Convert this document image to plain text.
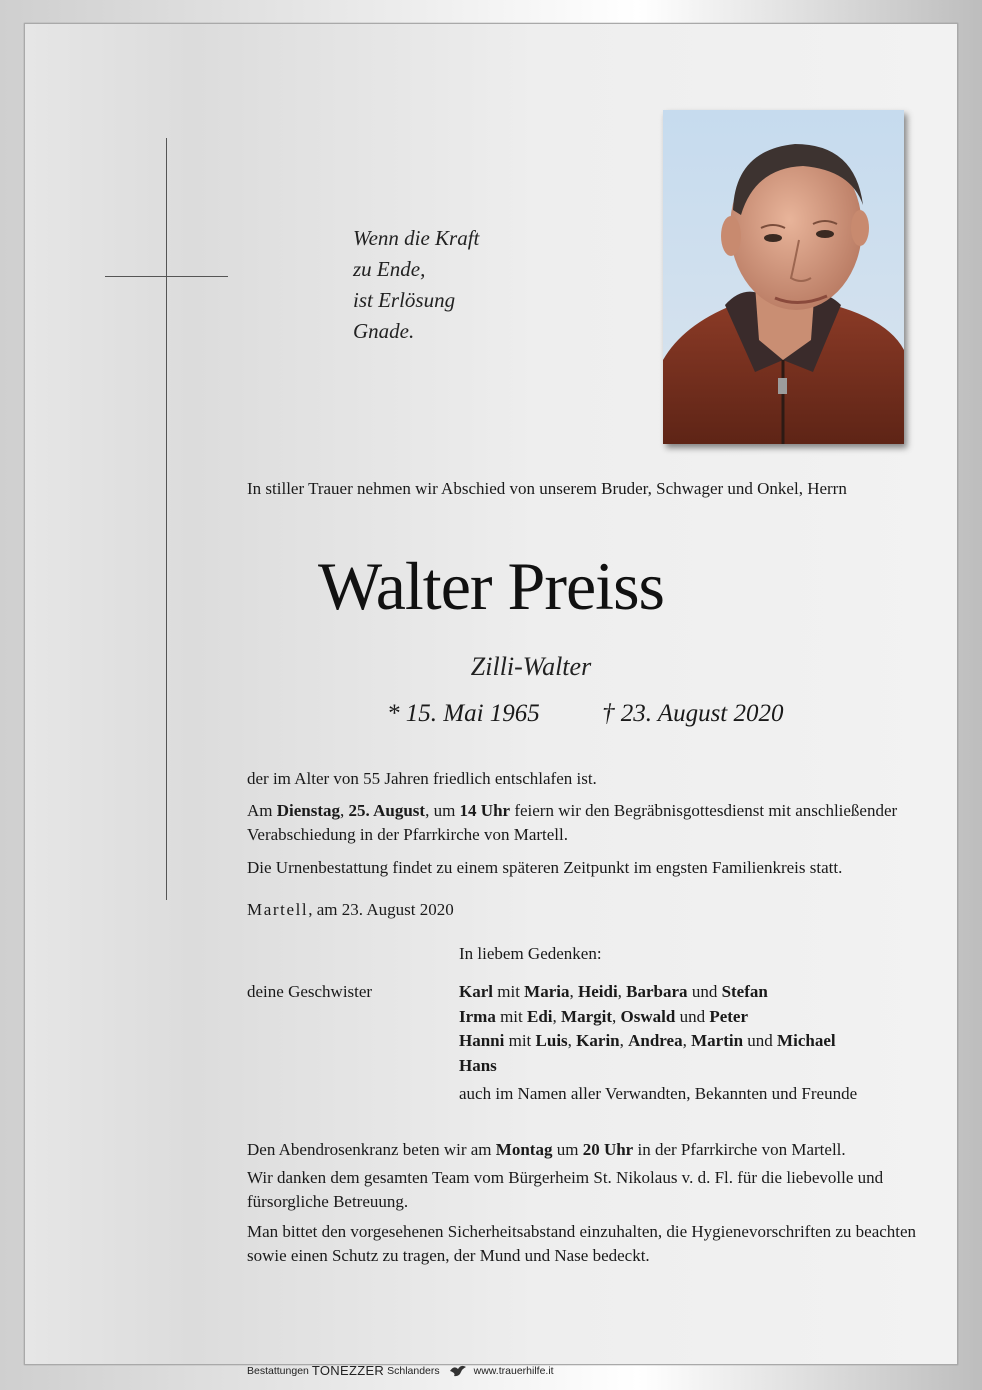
Wenn die Kraft
zu Ende,
ist Erlösung
Gnade.
In stiller Trauer nehmen wir Abschied von unserem Bruder, Schwager und Onkel, Herrn
Walter Preiss
Zilli-Walter
* 15. Mai 1965 † 23. August 2020
der im Alter von 55 Jahren friedlich entschlafen ist.
Am Dienstag, 25. August, um 14 Uhr feiern wir den Begräbnisgottesdienst mit anschließender Verabschiedung in der Pfarrkirche von Martell.
Die Urnenbestattung findet zu einem späteren Zeitpunkt im engsten Familienkreis statt.
Martell, am 23. August 2020
In liebem Gedenken:
deine Geschwister	Karl mit Maria, Heidi, Barbara und Stefan
Irma mit Edi, Margit, Oswald und Peter
Hanni mit Luis, Karin, Andrea, Martin und Michael
Hans
auch im Namen aller Verwandten, Bekannten und Freunde
Den Abendrosenkranz beten wir am Montag um 20 Uhr in der Pfarrkirche von Martell.
Wir danken dem gesamten Team vom Bürgerheim St. Nikolaus v. d. Fl. für die liebevolle und fürsorgliche Betreuung.
Man bittet den vorgesehenen Sicherheitsabstand einzuhalten, die Hygienevorschriften zu beachten sowie einen Schutz zu tragen, der Mund und Nase bedeckt.
Bestattungen TONEZZER Schlanders	www.trauerhilfe.it
